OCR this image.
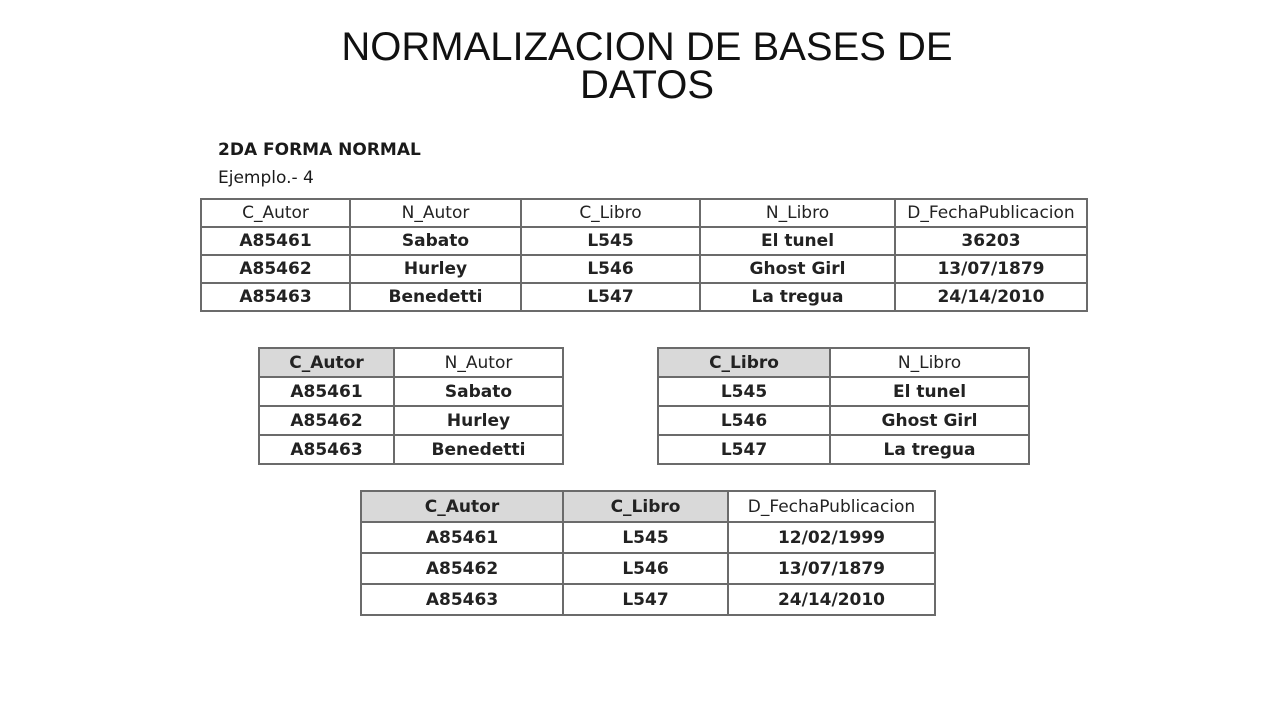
NORMALIZACION DE BASES DE DATOS
2DA FORMA NORMAL
Ejemplo.- 4
C_Autor	N_Autor	C_Libro	N_Libro	D_FechaPublicacion
A85461	Sabato	L545	El tunel	36203
A85462	Hurley	L546	Ghost Girl	13/07/1879
A85463	Benedetti	L547	La tregua	24/14/2010
C_Autor	N_Autor
A85461	Sabato
A85462	Hurley
A85463	Benedetti
C_Libro	N_Libro
L545	El tunel
L546	Ghost Girl
L547	La tregua
C_Autor	C_Libro	D_FechaPublicacion
A85461	L545	12/02/1999
A85462	L546	13/07/1879
A85463	L547	24/14/2010
